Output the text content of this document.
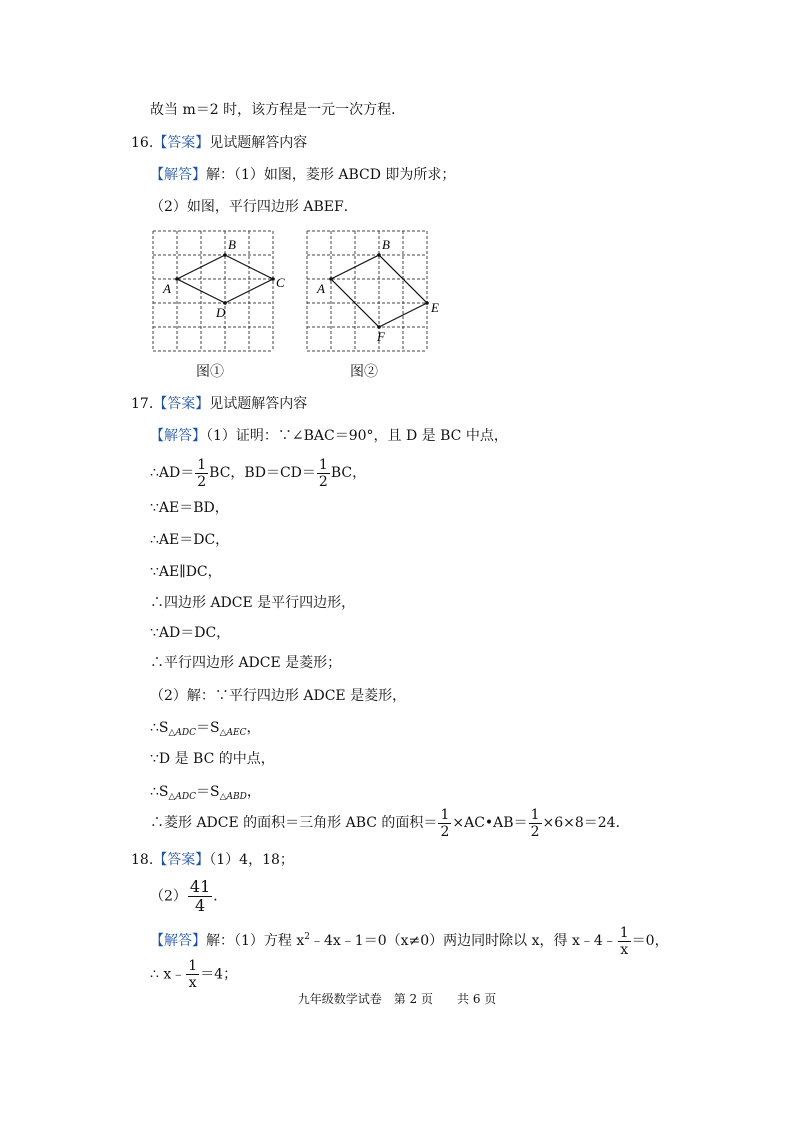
故当 m＝2 时，该方程是一元一次方程．
16.【答案】见试题解答内容
【解答】解：（1）如图，菱形 ABCD 即为所求；
（2）如图，平行四边形 ABEF．
A
B
C
D
图①
A
B
E
F
图②
17.【答案】见试题解答内容
【解答】（1）证明：∵∠BAC＝90°，且 D 是 BC 中点，
∴AD＝ $\frac{1}{2}$ BC，$BD=CD= \frac{1}{2}$ BC，
∵AE＝BD，
∴AE＝DC，
∵AE∥DC，
∴四边形 ADCE 是平行四边形，
∵AD＝DC，
∴平行四边形 ADCE 是菱形；
（2）解：∵平行四边形 ADCE 是菱形，
$\therefore S_{\triangle ADC}=S_{\triangle AEC}$，
∵D 是 BC 的中点，
$\therefore S_{\triangle ADC}=S_{\triangle ABD}$，
∴菱形 ADCE 的面积＝三角形 ABC 的面积＝ $\frac{1}{2}$ ×AC•AB＝ $\frac{1}{2} \times 6\times 8=24$．
18.【答案】（1）4，18；
$(2) \frac{41}{4}$ ．
【解答】解：（1）方程 $x^2﹣4x﹣1=0(x\ne 0)$两边同时除以 x，得 x﹣4﹣ $\frac{1}{x} =0$，
∴ x﹣ $\frac{1}{x} =4$；
九年级数学试卷　第 2 页　　共 6 页
